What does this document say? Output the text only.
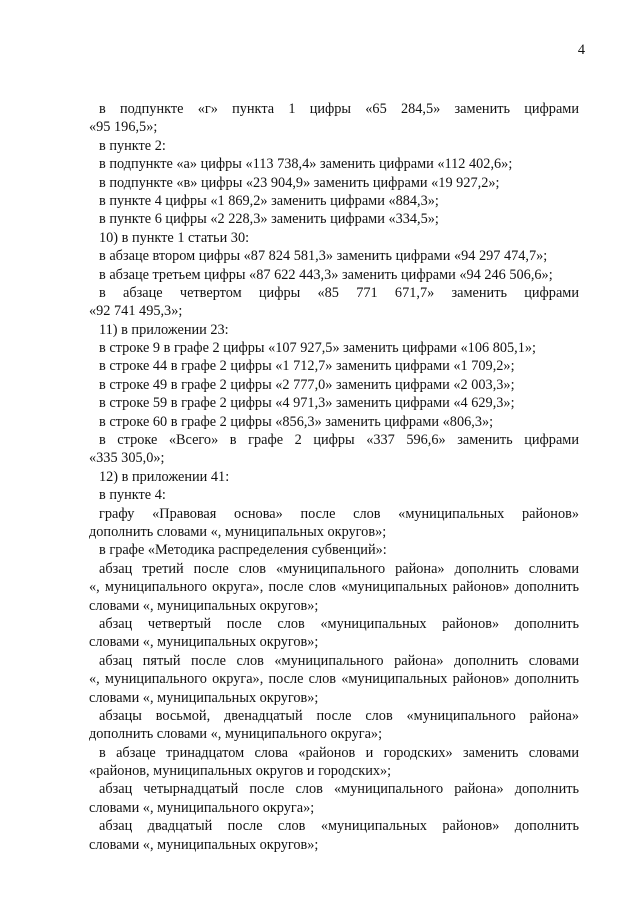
4
в подпункте «г» пункта 1 цифры «65 284,5» заменить цифрами
«95 196,5»;
в пункте 2:
в подпункте «а» цифры «113 738,4» заменить цифрами «112 402,6»;
в подпункте «в» цифры «23 904,9» заменить цифрами «19 927,2»;
в пункте 4 цифры «1 869,2» заменить цифрами «884,3»;
в пункте 6 цифры «2 228,3» заменить цифрами «334,5»;
10) в пункте 1 статьи 30:
в абзаце втором цифры «87 824 581,3» заменить цифрами «94 297 474,7»;
в абзаце третьем цифры «87 622 443,3» заменить цифрами «94 246 506,6»;
в абзаце четвертом цифры «85 771 671,7» заменить цифрами
«92 741 495,3»;
11) в приложении 23:
в строке 9 в графе 2 цифры «107 927,5» заменить цифрами «106 805,1»;
в строке 44 в графе 2 цифры «1 712,7» заменить цифрами «1 709,2»;
в строке 49 в графе 2 цифры «2 777,0» заменить цифрами «2 003,3»;
в строке 59 в графе 2 цифры «4 971,3» заменить цифрами «4 629,3»;
в строке 60 в графе 2 цифры «856,3» заменить цифрами «806,3»;
в строке «Всего» в графе 2 цифры «337 596,6» заменить цифрами
«335 305,0»;
12) в приложении 41:
в пункте 4:
графу «Правовая основа» после слов «муниципальных районов»
дополнить словами «, муниципальных округов»;
в графе «Методика распределения субвенций»:
абзац третий после слов «муниципального района» дополнить словами
«, муниципального округа», после слов «муниципальных районов» дополнить
словами «, муниципальных округов»;
абзац четвертый после слов «муниципальных районов» дополнить
словами «, муниципальных округов»;
абзац пятый после слов «муниципального района» дополнить словами
«, муниципального округа», после слов «муниципальных районов» дополнить
словами «, муниципальных округов»;
абзацы восьмой, двенадцатый после слов «муниципального района»
дополнить словами «, муниципального округа»;
в абзаце тринадцатом слова «районов и городских» заменить словами
«районов, муниципальных округов и городских»;
абзац четырнадцатый после слов «муниципального района» дополнить
словами «, муниципального округа»;
абзац двадцатый после слов «муниципальных районов» дополнить
словами «, муниципальных округов»;
